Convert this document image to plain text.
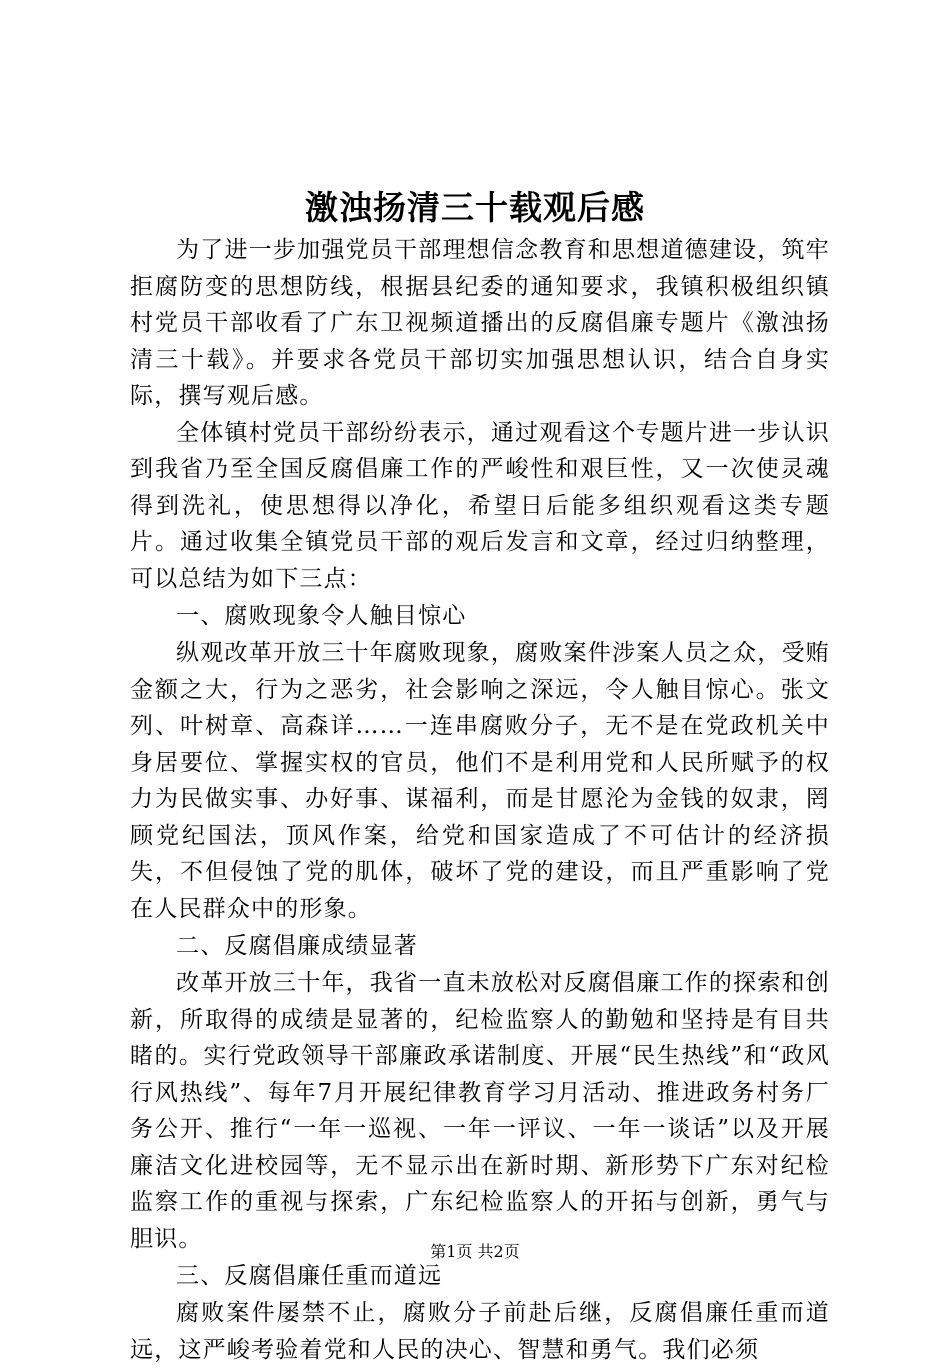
激浊扬清三十载观后感

为了进一步加强党员干部理想信念教育和思想道德建设，筑牢拒腐防变的思想防线，根据县纪委的通知要求，我镇积极组织镇村党员干部收看了广东卫视频道播出的反腐倡廉专题片《激浊扬清三十载》。并要求各党员干部切实加强思想认识，结合自身实际，撰写观后感。

全体镇村党员干部纷纷表示，通过观看这个专题片进一步认识到我省乃至全国反腐倡廉工作的严峻性和艰巨性，又一次使灵魂得到洗礼，使思想得以净化，希望日后能多组织观看这类专题片。通过收集全镇党员干部的观后发言和文章，经过归纳整理，可以总结为如下三点：

一、腐败现象令人触目惊心

纵观改革开放三十年腐败现象，腐败案件涉案人员之众，受贿金额之大，行为之恶劣，社会影响之深远，令人触目惊心。张文列、叶树章、高森详……一连串腐败分子，无不是在党政机关中身居要位、掌握实权的官员，他们不是利用党和人民所赋予的权力为民做实事、办好事、谋福利，而是甘愿沦为金钱的奴隶，罔顾党纪国法，顶风作案，给党和国家造成了不可估计的经济损失，不但侵蚀了党的肌体，破坏了党的建设，而且严重影响了党在人民群众中的形象。

二、反腐倡廉成绩显著

改革开放三十年，我省一直未放松对反腐倡廉工作的探索和创新，所取得的成绩是显著的，纪检监察人的勤勉和坚持是有目共睹的。实行党政领导干部廉政承诺制度、开展“民生热线”和“政风行风热线”、每年7月开展纪律教育学习月活动、推进政务村务厂务公开、推行“一年一巡视、一年一评议、一年一谈话”以及开展廉洁文化进校园等，无不显示出在新时期、新形势下广东对纪检监察工作的重视与探索，广东纪检监察人的开拓与创新，勇气与胆识。

三、反腐倡廉任重而道远

腐败案件屡禁不止，腐败分子前赴后继，反腐倡廉任重而道远，这严峻考验着党和人民的决心、智慧和勇气。我们必须

第1页 共2页
